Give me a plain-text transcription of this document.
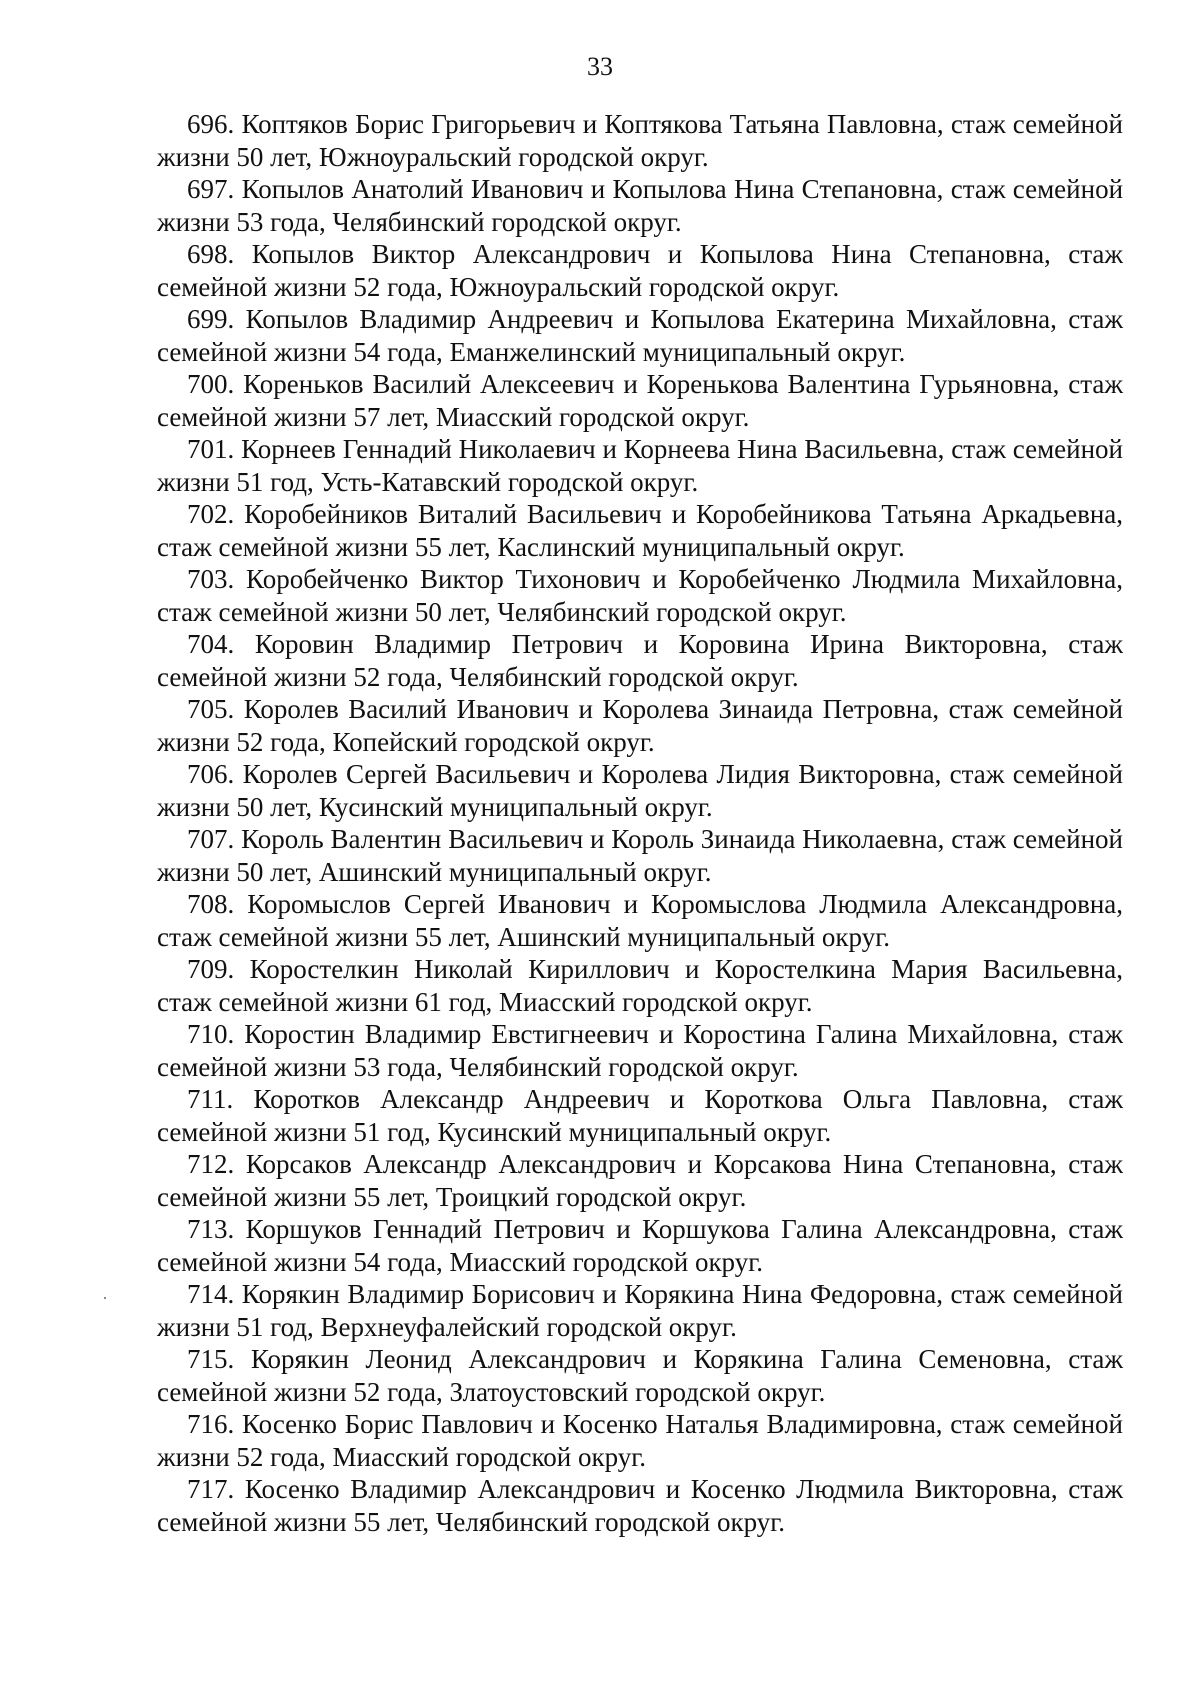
33

696. Коптяков Борис Григорьевич и Коптякова Татьяна Павловна, стаж семейной жизни 50 лет, Южноуральский городской округ.
697. Копылов Анатолий Иванович и Копылова Нина Степановна, стаж семейной жизни 53 года, Челябинский городской округ.
698. Копылов Виктор Александрович и Копылова Нина Степановна, стаж семейной жизни 52 года, Южноуральский городской округ.
699. Копылов Владимир Андреевич и Копылова Екатерина Михайловна, стаж семейной жизни 54 года, Еманжелинский муниципальный округ.
700. Кореньков Василий Алексеевич и Коренькова Валентина Гурьяновна, стаж семейной жизни 57 лет, Миасский городской округ.
701. Корнеев Геннадий Николаевич и Корнеева Нина Васильевна, стаж семейной жизни 51 год, Усть-Катавский городской округ.
702. Коробейников Виталий Васильевич и Коробейникова Татьяна Аркадьевна, стаж семейной жизни 55 лет, Каслинский муниципальный округ.
703. Коробейченко Виктор Тихонович и Коробейченко Людмила Михайловна, стаж семейной жизни 50 лет, Челябинский городской округ.
704. Коровин Владимир Петрович и Коровина Ирина Викторовна, стаж семейной жизни 52 года, Челябинский городской округ.
705. Королев Василий Иванович и Королева Зинаида Петровна, стаж семейной жизни 52 года, Копейский городской округ.
706. Королев Сергей Васильевич и Королева Лидия Викторовна, стаж семейной жизни 50 лет, Кусинский муниципальный округ.
707. Король Валентин Васильевич и Король Зинаида Николаевна, стаж семейной жизни 50 лет, Ашинский муниципальный округ.
708. Коромыслов Сергей Иванович и Коромыслова Людмила Александровна, стаж семейной жизни 55 лет, Ашинский муниципальный округ.
709. Коростелкин Николай Кириллович и Коростелкина Мария Васильевна, стаж семейной жизни 61 год, Миасский городской округ.
710. Коростин Владимир Евстигнеевич и Коростина Галина Михайловна, стаж семейной жизни 53 года, Челябинский городской округ.
711. Коротков Александр Андреевич и Короткова Ольга Павловна, стаж семейной жизни 51 год, Кусинский муниципальный округ.
712. Корсаков Александр Александрович и Корсакова Нина Степановна, стаж семейной жизни 55 лет, Троицкий городской округ.
713. Коршуков Геннадий Петрович и Коршукова Галина Александровна, стаж семейной жизни 54 года, Миасский городской округ.
714. Корякин Владимир Борисович и Корякина Нина Федоровна, стаж семейной жизни 51 год, Верхнеуфалейский городской округ.
715. Корякин Леонид Александрович и Корякина Галина Семеновна, стаж семейной жизни 52 года, Златоустовский городской округ.
716. Косенко Борис Павлович и Косенко Наталья Владимировна, стаж семейной жизни 52 года, Миасский городской округ.
717. Косенко Владимир Александрович и Косенко Людмила Викторовна, стаж семейной жизни 55 лет, Челябинский городской округ.
